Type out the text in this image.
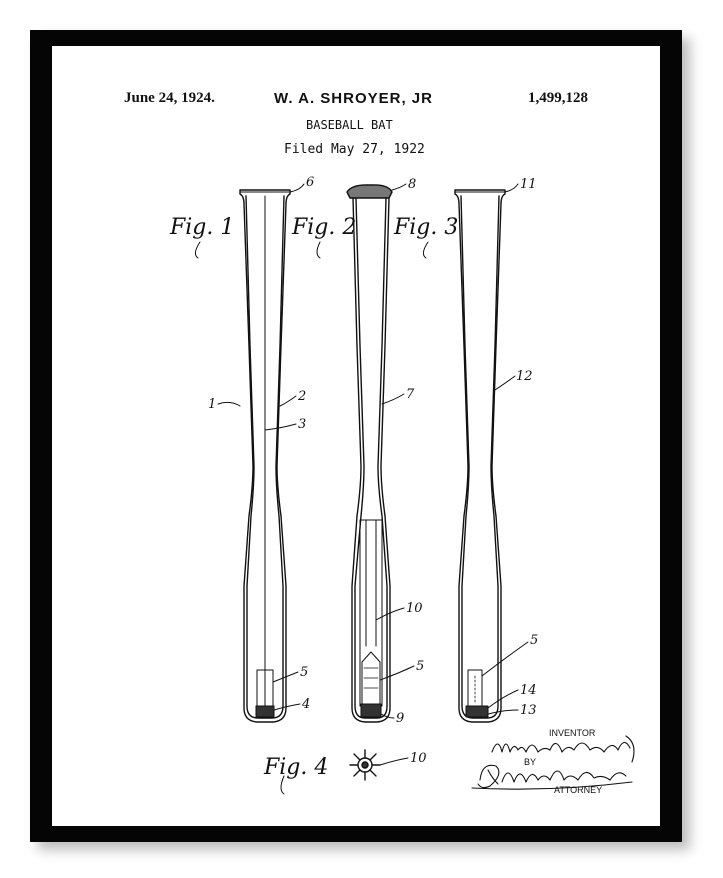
June 24, 1924.	W. A. SHROYER, JR	1,499,128
BASEBALL BAT
Filed May 27, 1922
Fig. 1	Fig. 2 Fig. 3
Fig. 4
6	8	11
1
2
3
7
12
10
5
9
5
4
5
14
13
10
INVENTOR
BY
ATTORNEY
